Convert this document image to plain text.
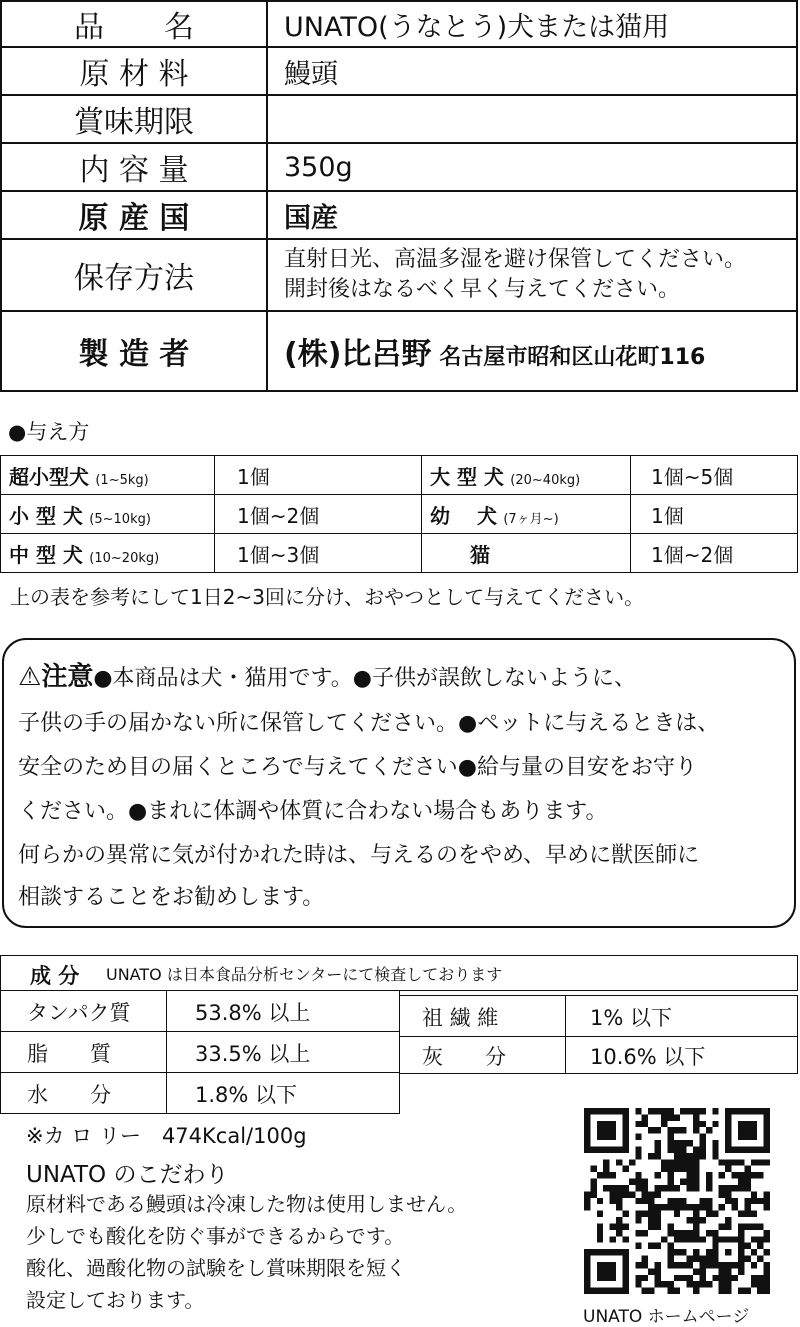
品　　名	UNATO(うなとう)犬または猫用
原 材 料	鰻頭
賞味期限	
内 容 量	350g
原 産 国	国産
保存方法	直射日光、高温多湿を避け保管してください。
開封後はなるべく早く与えてください。

製 造 者	(株)比呂野 名古屋市昭和区山花町116
●与え方
超小型犬 (1~5kg)	1個	大 型 犬 (20~40kg)	1個~5個
小 型 犬 (5~10kg)	1個~2個	幼　 犬 (7ヶ月~)	1個
中 型 犬 (10~20kg)	1個~3個	　　猫	1個~2個
上の表を参考にして1日2~3回に分け、おやつとして与えてください。
⚠注意●本商品は犬・猫用です。●子供が誤飲しないように、
子供の手の届かない所に保管してください。●ペットに与えるときは、
安全のため目の届くところで与えてください●給与量の目安をお守り
ください。●まれに体調や体質に合わない場合もあります。
何らかの異常に気が付かれた時は、与えるのをやめ、早めに獣医師に
相談することをお勧めします。
成 分 UNATO は日本食品分析センターにて検査しております
タンパク質	53.8% 以上
脂　　質	33.5% 以上
水　　分	1.8% 以下
祖 繊 維	1% 以下
灰　　分	10.6% 以下
※カ ロ リー　474Kcal/100g
UNATO のこだわり
原材料である鰻頭は冷凍した物は使用しません。
少しでも酸化を防ぐ事ができるからです。
酸化、過酸化物の試験をし賞味期限を短く
設定しております。
UNATO ホームページ
